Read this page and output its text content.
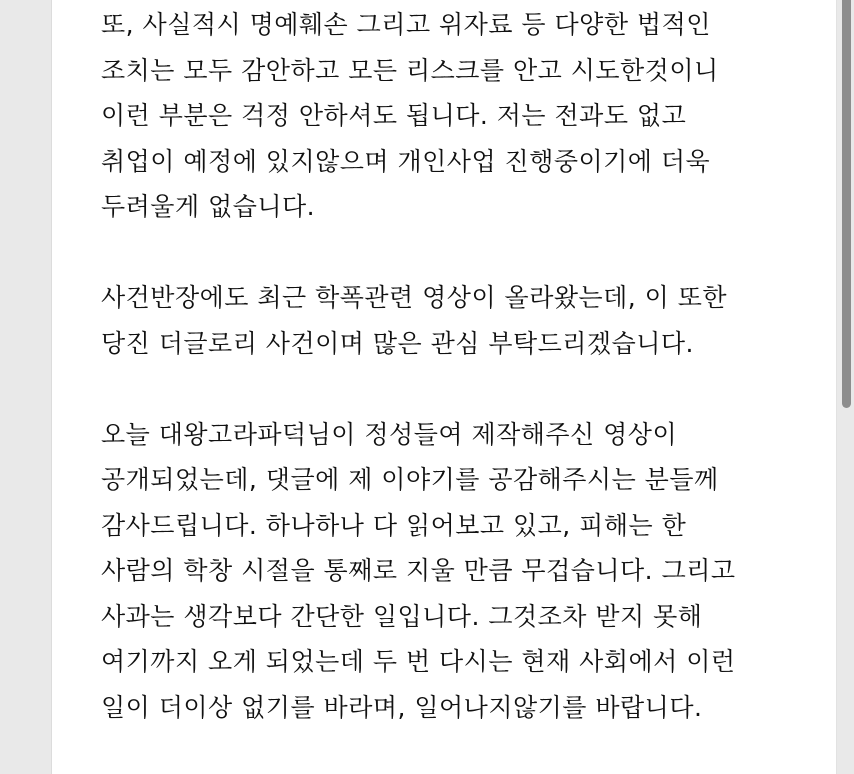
또, 사실적시 명예훼손 그리고 위자료 등 다양한 법적인
조치는 모두 감안하고 모든 리스크를 안고 시도한것이니
이런 부분은 걱정 안하셔도 됩니다. 저는 전과도 없고
취업이 예정에 있지않으며 개인사업 진행중이기에 더욱
두려울게 없습니다.

사건반장에도 최근 학폭관련 영상이 올라왔는데, 이 또한
당진 더글로리 사건이며 많은 관심 부탁드리겠습니다.

오늘 대왕고라파덕님이 정성들여 제작해주신 영상이
공개되었는데, 댓글에 제 이야기를 공감해주시는 분들께
감사드립니다. 하나하나 다 읽어보고 있고, 피해는 한
사람의 학창 시절을 통째로 지울 만큼 무겁습니다. 그리고
사과는 생각보다 간단한 일입니다. 그것조차 받지 못해
여기까지 오게 되었는데 두 번 다시는 현재 사회에서 이런
일이 더이상 없기를 바라며, 일어나지않기를 바랍니다.
